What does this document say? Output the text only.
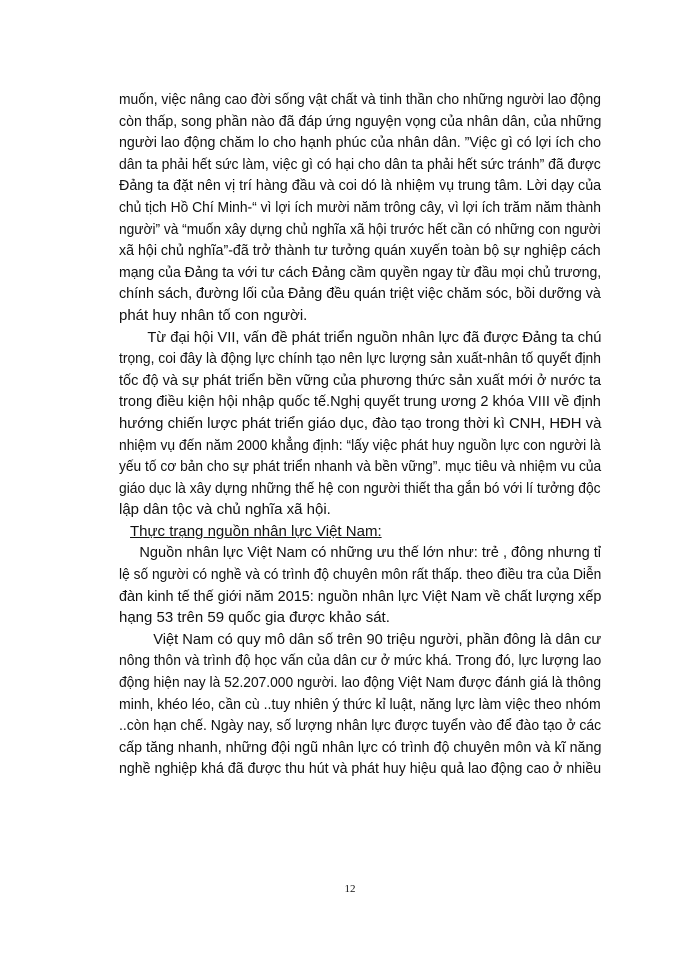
muốn, việc nâng cao đời sống vật chất và tinh thần cho những người lao động
còn thấp, song phần nào đã đáp ứng nguyện vọng của nhân dân, của những
người lao động chăm lo cho hạnh phúc của nhân dân. ”Việc gì có lợi ích cho
dân ta phải hết sức làm, việc gì có hại cho dân ta phải hết sức tránh” đã được
Đảng ta đặt nên vị trí hàng đầu và coi dó là nhiệm vụ trung tâm. Lời dạy của
chủ tịch Hồ Chí Minh-“ vì lợi ích mười năm trông cây, vì lợi ích trăm năm thành
người” và “muốn xây dựng chủ nghĩa xã hội trước hết cần có những con người
xã hội chủ nghĩa”-đã trở thành tư tưởng quán xuyến toàn bộ sự nghiệp cách
mạng của Đảng ta với tư cách Đảng cầm quyền ngay từ đầu mọi chủ trương,
chính sách, đường lối của Đảng đều quán triệt việc chăm sóc, bồi dưỡng và
phát huy nhân tố con người.
Từ đại hội VII, vấn đề phát triển nguồn nhân lực đã được Đảng ta chú
trọng, coi đây là động lực chính tạo nên lực lượng sản xuất-nhân tố quyết định
tốc độ và sự phát triển bền vững của phương thức sản xuất mới ở nước ta
trong điều kiện hội nhập quốc tế.Nghị quyết trung ương 2 khóa VIII về định
hướng chiến lược phát triển giáo dục, đào tạo trong thời kì CNH, HĐH và
nhiệm vụ đến năm 2000 khẳng định: “lấy việc phát huy nguồn lực con người là
yếu tố cơ bản cho sự phát triển nhanh và bền vững”. mục tiêu và nhiệm vu của
giáo dục là xây dựng những thế hệ con người thiết tha gắn bó với lí tưởng độc
lập dân tộc và chủ nghĩa xã hội.
Thực trạng nguồn nhân lực Việt Nam:
Nguồn nhân lực Việt Nam có những ưu thế lớn như: trẻ , đông nhưng tỉ
lệ số người có nghề và có trình độ chuyên môn rất thấp. theo điều tra của Diễn
đàn kinh tế thế giới năm 2015: nguồn nhân lực Việt Nam về chất lượng xếp
hạng 53 trên 59 quốc gia được khảo sát.
Việt Nam có quy mô dân số trên 90 triệu người, phần đông là dân cư
nông thôn và trình độ học vấn của dân cư ở mức khá. Trong đó, lực lượng lao
động hiện nay là 52.207.000 người. lao động Việt Nam được đánh giá là thông
minh, khéo léo, cần cù ..tuy nhiên ý thức kỉ luật, năng lực làm việc theo nhóm
..còn hạn chế. Ngày nay, số lượng nhân lực được tuyển vào để đào tạo ở các
cấp tăng nhanh, những đội ngũ nhân lực có trình độ chuyên môn và kĩ năng
nghề nghiệp khá đã được thu hút và phát huy hiệu quả lao động cao ở nhiều
12
